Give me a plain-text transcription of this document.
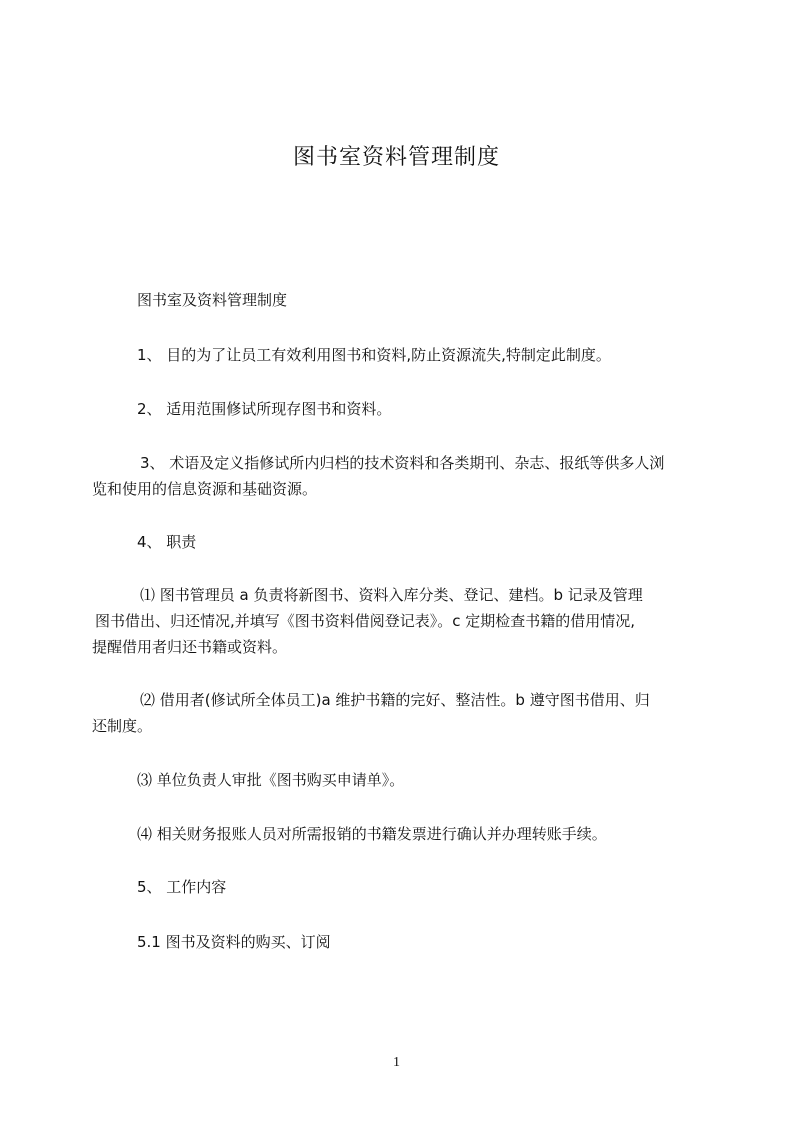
图书室资料管理制度
图书室及资料管理制度
1、 目的为了让员工有效利用图书和资料,防止资源流失,特制定此制度。
2、 适用范围修试所现存图书和资料。
3、 术语及定义指修试所内归档的技术资料和各类期刊、杂志、报纸等供多人浏
览和使用的信息资源和基础资源。
4、 职责
⑴ 图书管理员 a 负责将新图书、资料入库分类、登记、建档。b 记录及管理
图书借出、归还情况,并填写《图书资料借阅登记表》。c 定期检查书籍的借用情况,
提醒借用者归还书籍或资料。
⑵ 借用者(修试所全体员工)a 维护书籍的完好、整洁性。b 遵守图书借用、归
还制度。
⑶ 单位负责人审批《图书购买申请单》。
⑷ 相关财务报账人员对所需报销的书籍发票进行确认并办理转账手续。
5、 工作内容
5.1 图书及资料的购买、订阅
1
